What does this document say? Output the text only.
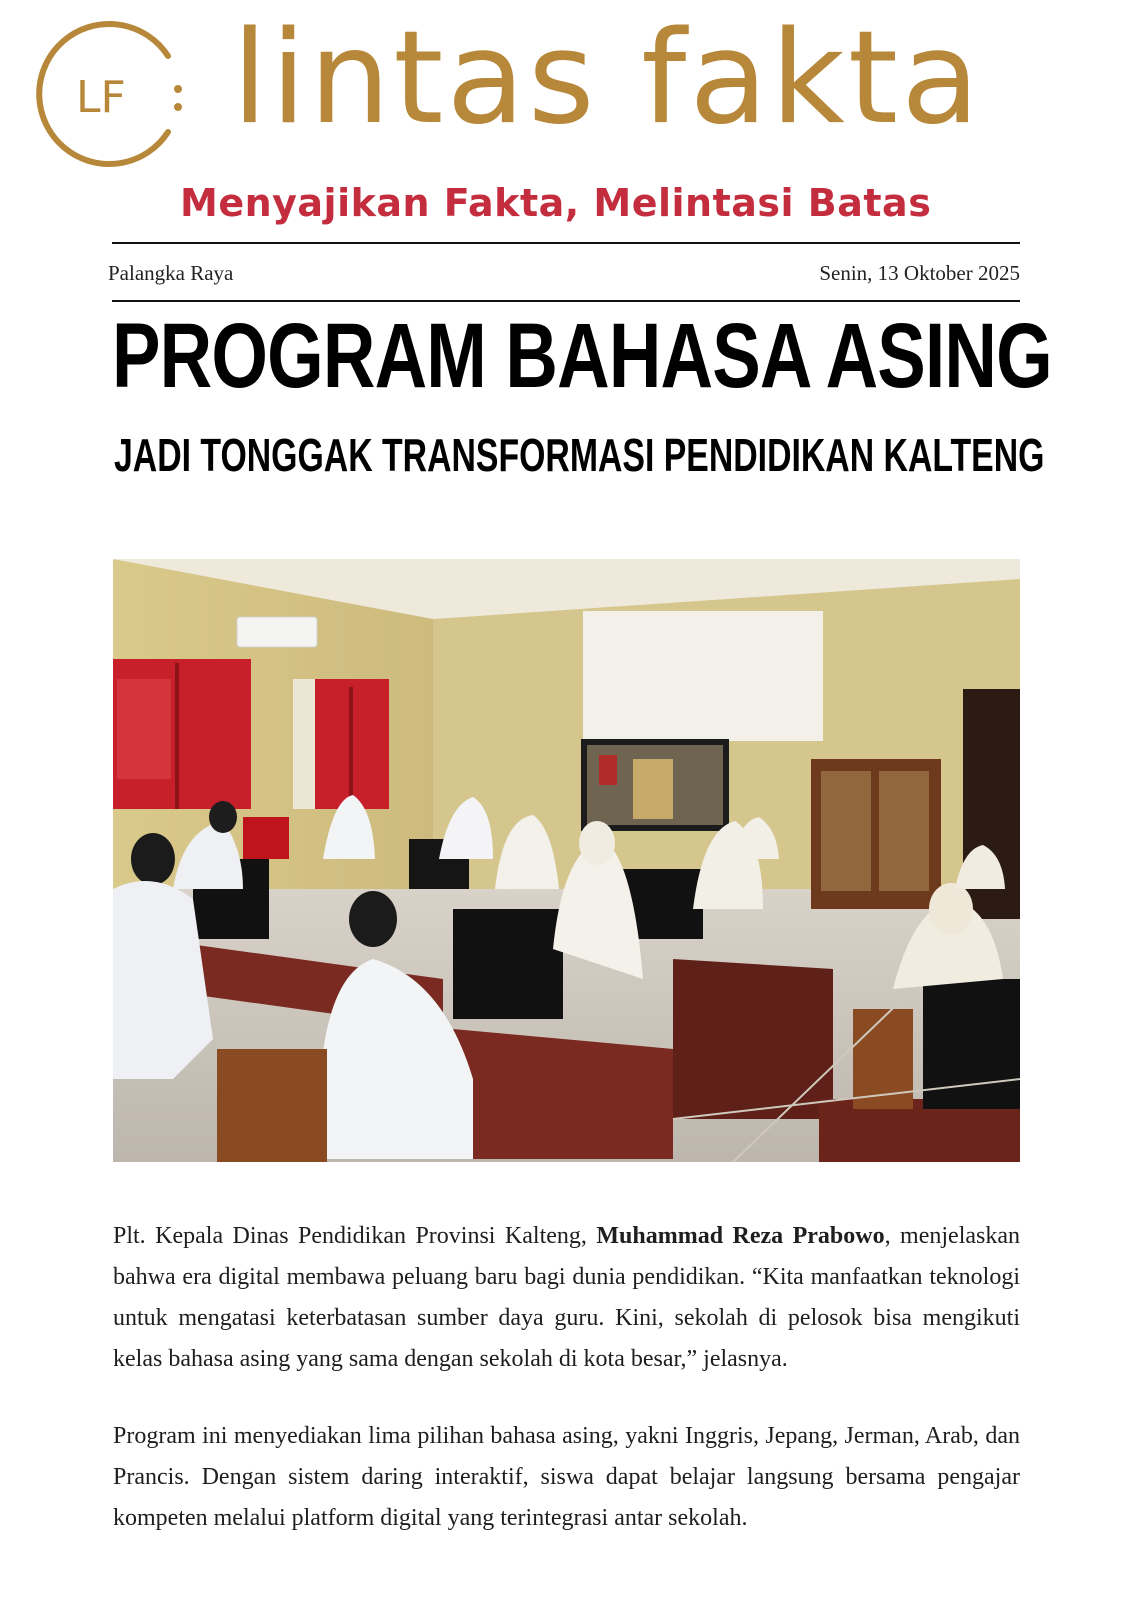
LF lintas fakta
Menyajikan Fakta, Melintasi Batas
Palangka Raya	Senin, 13 Oktober 2025
PROGRAM BAHASA ASING
JADI TONGGAK TRANSFORMASI PENDIDIKAN KALTENG

Plt. Kepala Dinas Pendidikan Provinsi Kalteng, Muhammad Reza Prabowo, menjelaskan bahwa era digital membawa peluang baru bagi dunia pendidikan. “Kita manfaatkan teknologi untuk mengatasi keterbatasan sumber daya guru. Kini, sekolah di pelosok bisa mengikuti kelas bahasa asing yang sama dengan sekolah di kota besar,” jelasnya.

Program ini menyediakan lima pilihan bahasa asing, yakni Inggris, Jepang, Jerman, Arab, dan Prancis. Dengan sistem daring interaktif, siswa dapat belajar langsung bersama pengajar kompeten melalui platform digital yang terintegrasi antar sekolah.
